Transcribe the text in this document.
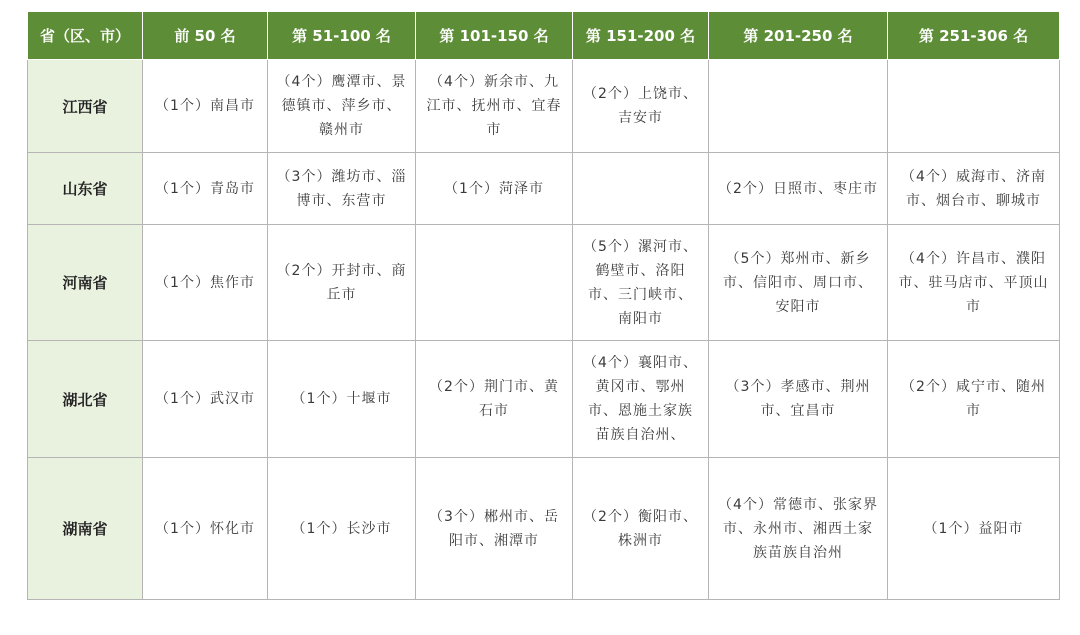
省（区、市）	前 50 名	第 51-100 名	第 101-150 名	第 151-200 名	第 201-250 名	第 251-306 名
江西省	（1个）南昌市	（4个）鹰潭市、景德镇市、萍乡市、赣州市	（4个）新余市、九江市、抚州市、宜春市	（2个）上饶市、吉安市		
山东省	（1个）青岛市	（3个）潍坊市、淄博市、东营市	（1个）菏泽市		（2个）日照市、枣庄市	（4个）威海市、济南市、烟台市、聊城市
河南省	（1个）焦作市	（2个）开封市、商丘市		（5个）漯河市、鹤壁市、洛阳市、三门峡市、南阳市	（5个）郑州市、新乡市、信阳市、周口市、安阳市	（4个）许昌市、濮阳市、驻马店市、平顶山市
湖北省	（1个）武汉市	（1个）十堰市	（2个）荆门市、黄石市	（4个）襄阳市、黄冈市、鄂州市、恩施土家族苗族自治州、	（3个）孝感市、荆州市、宜昌市	（2个）咸宁市、随州市
湖南省	（1个）怀化市	（1个）长沙市	（3个）郴州市、岳阳市、湘潭市	（2个）衡阳市、株洲市	（4个）常德市、张家界市、永州市、湘西土家族苗族自治州	（1个）益阳市
